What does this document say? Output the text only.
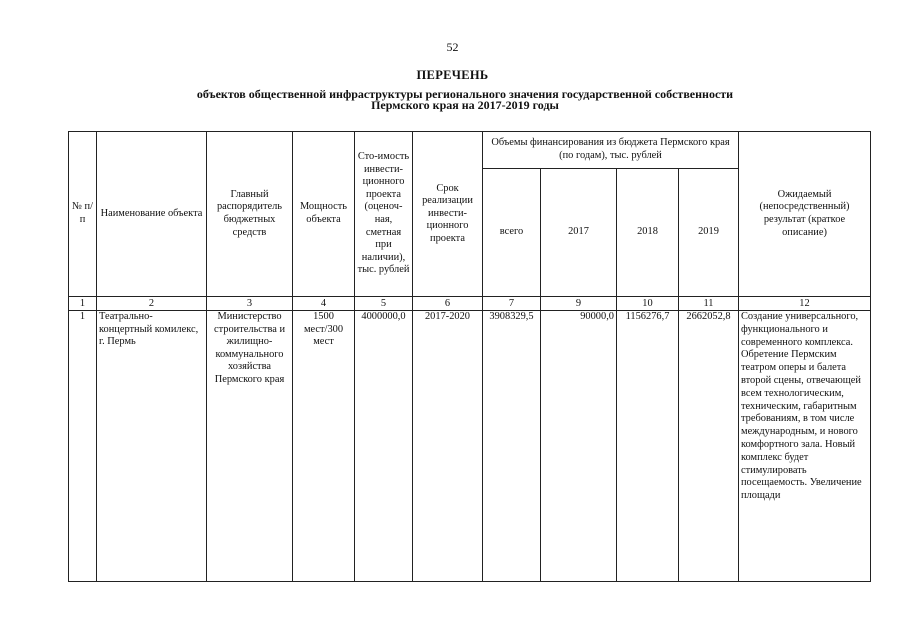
52
ПЕРЕЧЕНЬ
объектов общественной инфраструктуры регионального значения государственной собственности
Пермского края на 2017-2019 годы
№ п/п	Наименование объекта	Главный распорядитель бюджетных средств	Мощность объекта	Сто-имость инвести-ционного проекта (оценоч-ная, сметная при наличии), тыс. рублей	Срок реализации инвести-ционного проекта	Объемы финансирования из бюджета Пермского края (по годам), тыс. рублей				Ожидаемый (непосредственный) результат (краткое описание)
						всего	2017	2018	2019	
1	2	3	4	5	6	7	9	10	11	12
1	Театрально-концертный комилекс, г. Пермь	Министерство строительства и жилищно-коммунального хозяйства Пермского края	1500 мест/300 мест	4000000,0	2017-2020	3908329,5	90000,0	1156276,7	2662052,8	Создание универсального, функционального и современного комплекса. Обретение Пермским театром оперы и балета второй сцены, отвечающей всем технологическим, техническим, габаритным требованиям, в том числе международным, и нового комфортного зала. Новый комплекс будет стимулировать посещаемость. Увеличение площади
